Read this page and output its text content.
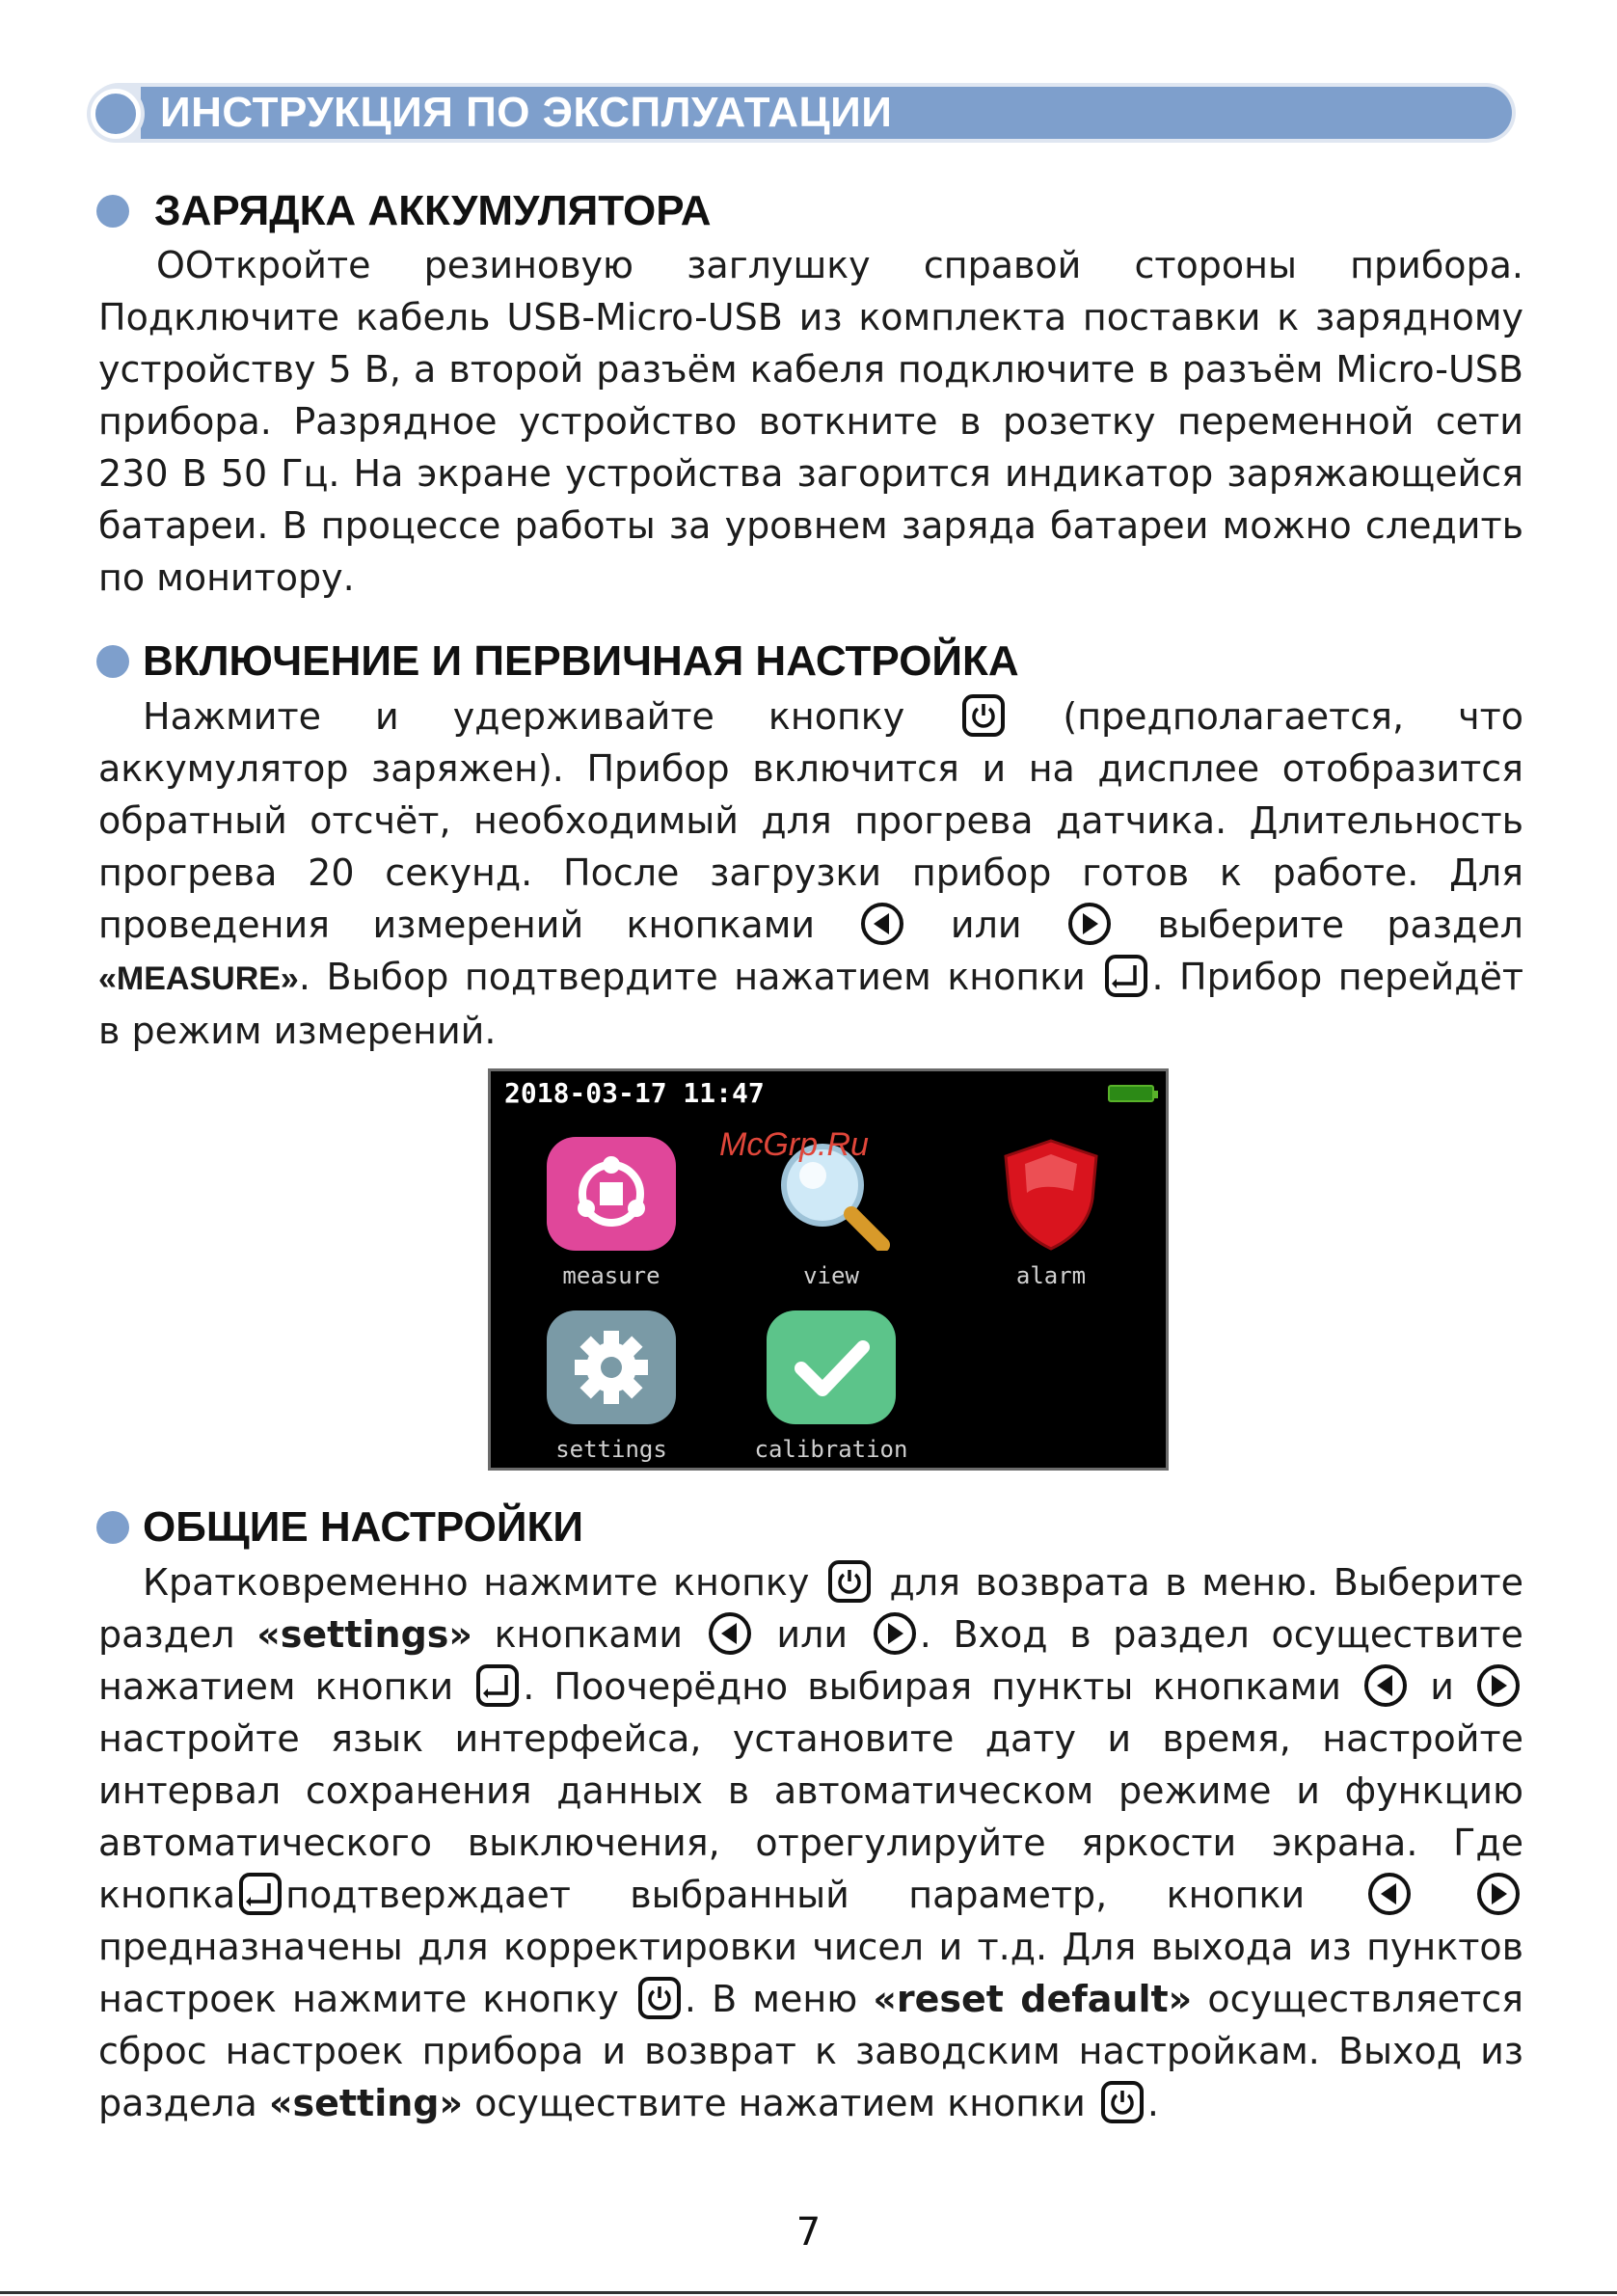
ИНСТРУКЦИЯ ПО ЭКСПЛУАТАЦИИ
ЗАРЯДКА АККУМУЛЯТОРА

ООткройте резиновую заглушку справой стороны прибора. Подключите кабель USB-Micro-USB из комплекта поставки к зарядному устройству 5 В, а второй разъём кабеля подключите в разъём Micro-USB прибора. Разрядное устройство воткните в розетку переменной сети 230 В 50 Гц. На экране устройства загорится индикатор заряжающейся батареи. В процессе работы за уровнем заряда батареи можно следить по монитору.

ВКЛЮЧЕНИЕ И ПЕРВИЧНАЯ НАСТРОЙКА

Нажмите и удерживайте кнопку	(предполагается, что аккумулятор заряжен). Прибор включится и на дисплее отобразится обратный отсчёт, необходимый для прогрева датчика. Длительность прогрева 20 секунд. После загрузки прибор готов к работе. Для проведения измерений кнопками	или	выберите раздел «MEASURE». Выбор подтвердите нажатием кнопки . Прибор перейдёт в режим измерений.

2018-03-17 11:47
measure	view	alarm
settings	calibration
McGrp.Ru
ОБЩИЕ НАСТРОЙКИ

Кратковременно нажмите кнопку для возврата в меню. Выберите раздел «settings» кнопками	или . Вход в раздел осуществите нажатием кнопки . Поочерёдно выбирая пункты кнопками и
настройте язык интерфейса, установите дату и время, настройте интервал сохранения данных в автоматическом режиме и функцию автоматического выключения, отрегулируйте яркости экрана. Где кнопка подтверждает выбранный параметр, кнопки

предназначены для корректировки чисел и т.д. Для выхода из пунктов настроек нажмите кнопку . В меню «reset default» осуществляется сброс настроек прибора и возврат к заводским настройкам. Выход из раздела «setting» осуществите нажатием кнопки .

7
